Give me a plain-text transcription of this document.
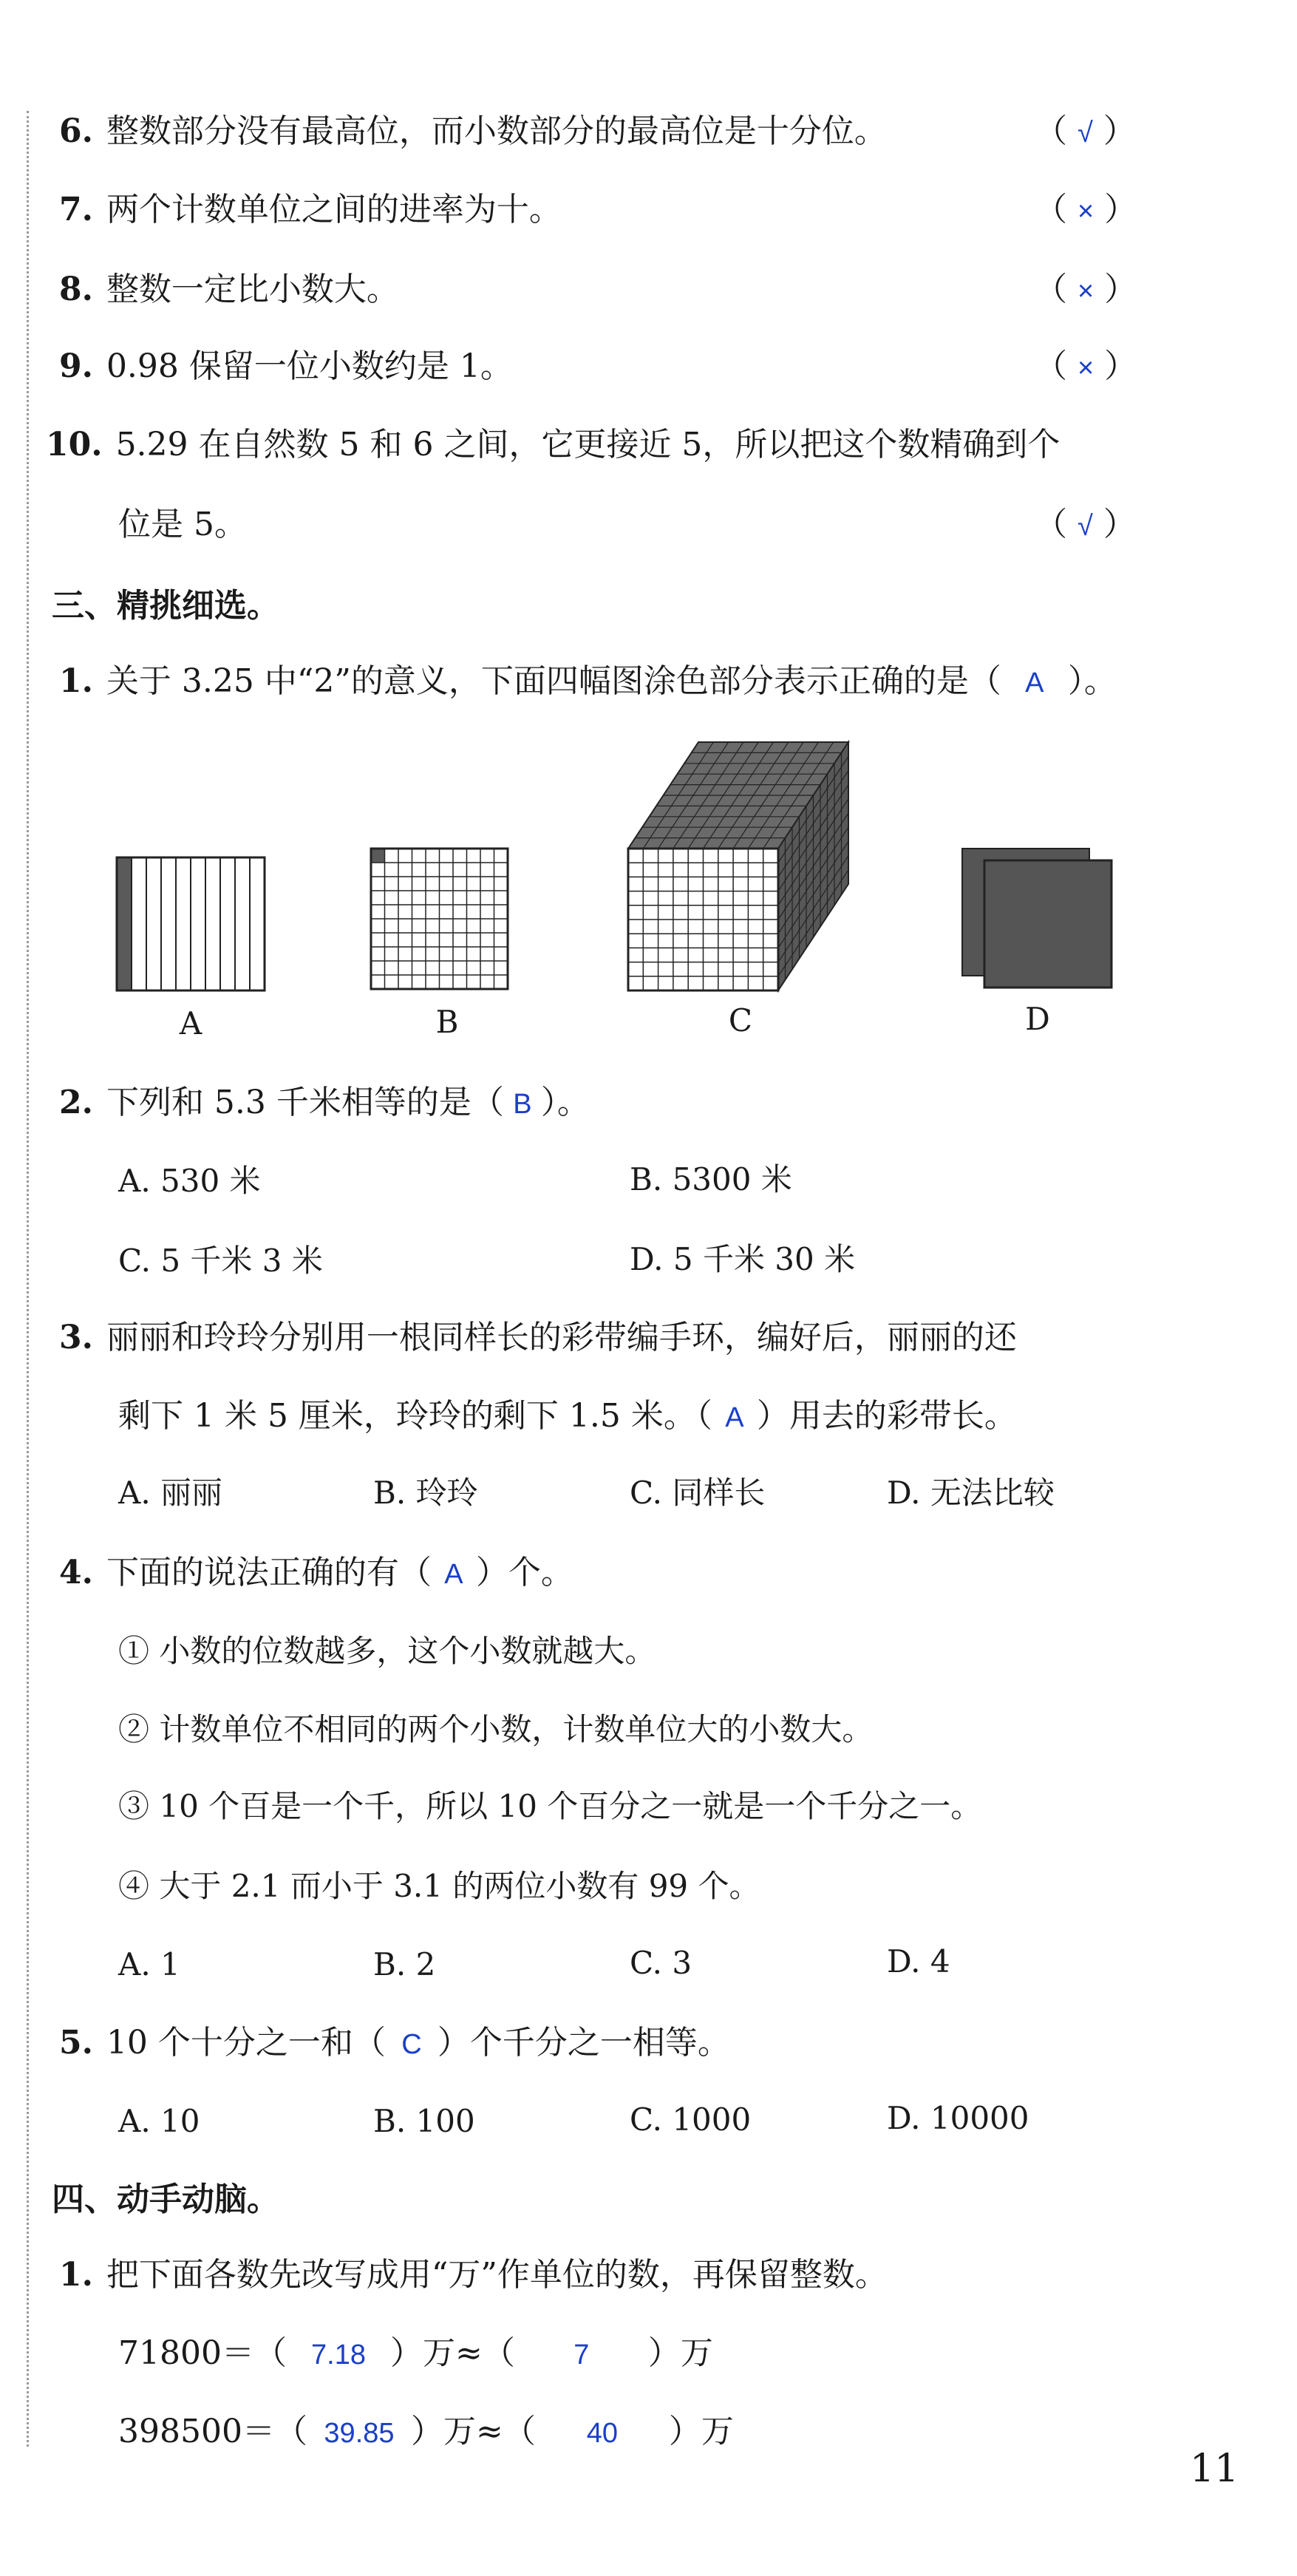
6. 整数部分没有最高位，而小数部分的最高位是十分位。	（ √ ）
7. 两个计数单位之间的进率为十。	（ × ）
8. 整数一定比小数大。	（ × ）
9. 0.98 保留一位小数约是 1。	（ × ）
10. 5.29 在自然数 5 和 6 之间，它更接近 5，所以把这个数精确到个
位是 5。	（ √ ）
三、精挑细选。
1. 关于 3.25 中“2”的意义，下面四幅图涂色部分表示正确的是（ A ）。
A	B	C	D
2. 下列和 5.3 千米相等的是（ B ）。
A. 530 米	B. 5300 米
C. 5 千米 3 米	D. 5 千米 30 米
3. 丽丽和玲玲分别用一根同样长的彩带编手环，编好后，丽丽的还
剩下 1 米 5 厘米，玲玲的剩下 1.5 米。（ A ）用去的彩带长。
A. 丽丽	B. 玲玲	C. 同样长	D. 无法比较
4. 下面的说法正确的有（ A ）个。
① 小数的位数越多，这个小数就越大。
② 计数单位不相同的两个小数，计数单位大的小数大。
③ 10 个百是一个千，所以 10 个百分之一就是一个千分之一。
④ 大于 2.1 而小于 3.1 的两位小数有 99 个。
A. 1	B. 2	C. 3	D. 4
5. 10 个十分之一和（ C ）个千分之一相等。
A. 10	B. 100	C. 1000	D. 10000
四、动手动脑。
1. 把下面各数先改写成用“万”作单位的数，再保留整数。
71800＝（ 7.18 ）万≈（ 7 ）万
398500＝（ 39.85 ）万≈（ 40 ）万
11
